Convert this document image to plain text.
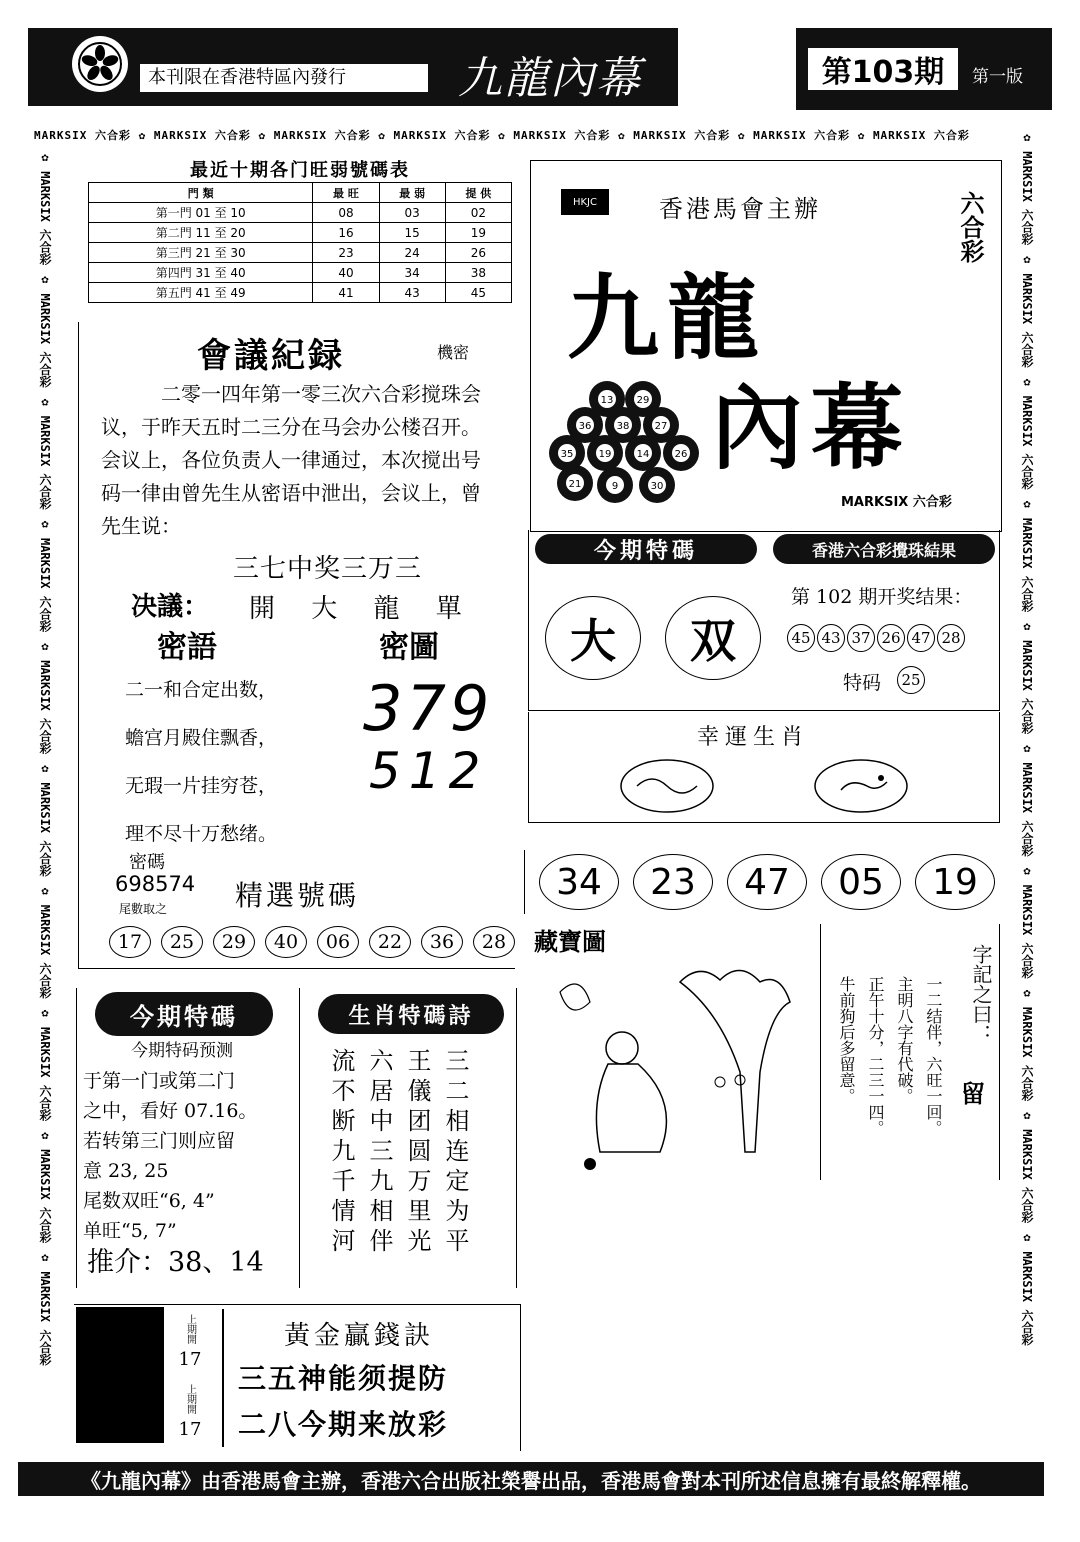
本刊限在香港特區內發行	九龍內幕	第103期	第一版
MARKSIX 六合彩 ✿ MARKSIX 六合彩 ✿ MARKSIX 六合彩 ✿ MARKSIX 六合彩 ✿ MARKSIX 六合彩 ✿ MARKSIX 六合彩 ✿ MARKSIX 六合彩 ✿ MARKSIX 六合彩
✿ MARKSIX 六合彩 ✿ MARKSIX 六合彩 ✿ MARKSIX 六合彩 ✿ MARKSIX 六合彩 ✿ MARKSIX 六合彩 ✿ MARKSIX 六合彩 ✿ MARKSIX 六合彩 ✿ MARKSIX 六合彩 ✿ MARKSIX 六合彩 ✿ MARKSIX 六合彩	✿ MARKSIX 六合彩 ✿ MARKSIX 六合彩 ✿ MARKSIX 六合彩 ✿ MARKSIX 六合彩 ✿ MARKSIX 六合彩 ✿ MARKSIX 六合彩 ✿ MARKSIX 六合彩 ✿ MARKSIX 六合彩 ✿ MARKSIX 六合彩 ✿ MARKSIX 六合彩
最近十期各门旺弱號碼表
門 類	最 旺	最 弱	提 供
第一門 01 至 10	08	03	02
第二門 11 至 20	16	15	19
第三門 21 至 30	23	24	26
第四門 31 至 40	40	34	38
第五門 41 至 49	41	43	45
會議紀録	機密
二零一四年第一零三次六合彩搅珠会议，于昨天五时二三分在马会办公楼召开。会议上，各位负责人一律通过，本次搅出号码一律由曾先生从密语中泄出，会议上，曾先生说：
三七中奖三万三
决議： 開 大 龍 單
密語	密圖
二一和合定出数，
蟾宫月殿住飘香，
无瑕一片挂穷苍，
理不尽十万愁绪。
379
512
密碼
698574
尾數取之 精選號碼
17	25	29	40	06	22	36	28
HKJC	香港馬會主辦	六合彩
九龍
內幕
13 29
36	38	27
35	19	14	26
21	9	30
MARKSIX 六合彩
今期特碼	香港六合彩攪珠結果
大	双
第 102 期开奖结果：
45 43 37 26 47 28
特码 25
幸運生肖
34	23	47	05	19
藏寶圖
字記之曰：
留
一二结伴，六旺一回。
主明八字有代破。
正午十分，二三一四。
牛前狗后多留意。
今期特碼
今期特码预测
于第一门或第二门
之中，看好 07.16。
若转第三门则应留
意 23, 25
尾数双旺“6, 4”
单旺“5, 7”
推介：38、14
生肖特碼詩
三二相连定为平
王儀团圆万里光
六居中三九相伴
流不断九千情河
上期開
17
上期開
17
黃金贏錢訣
三五神能须提防
二八今期来放彩
《九龍內幕》由香港馬會主辦，香港六合出版社榮譽出品，香港馬會對本刊所述信息擁有最終解釋權。
